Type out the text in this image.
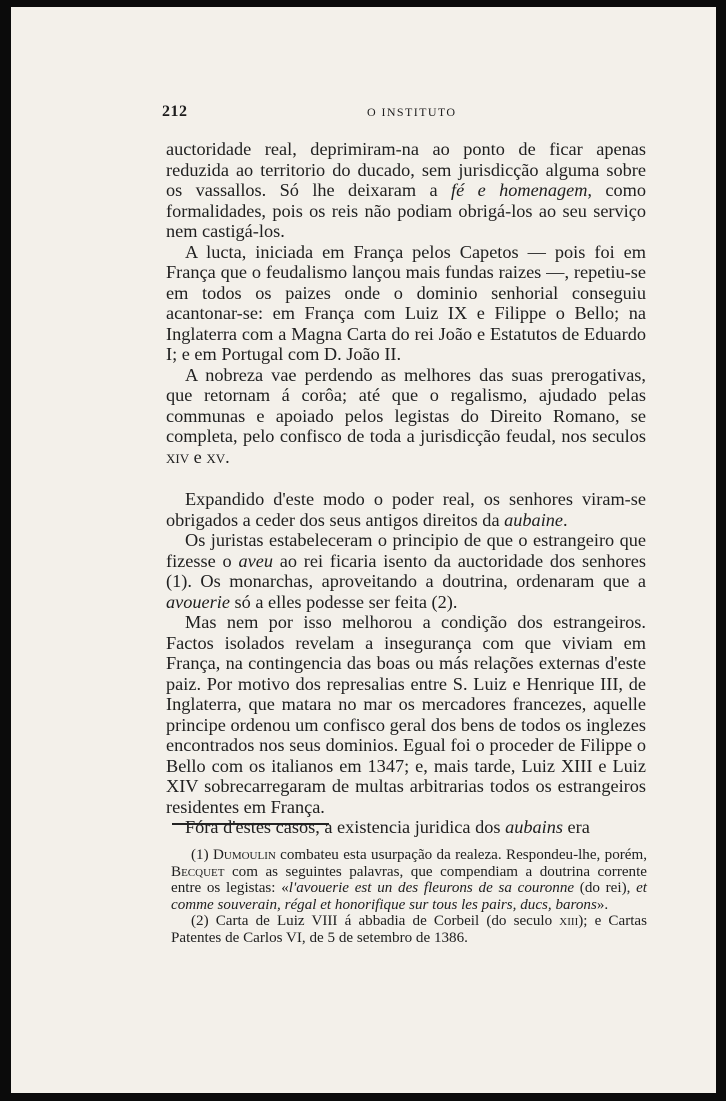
212	O INSTITUTO

auctoridade real, deprimiram-na ao ponto de ficar apenas reduzida ao territorio do ducado, sem jurisdicção alguma sobre os vassallos. Só lhe deixaram a fé e homenagem, como formalidades, pois os reis não podiam obrigá-los ao seu serviço nem castigá-los.

A lucta, iniciada em França pelos Capetos — pois foi em França que o feudalismo lançou mais fundas raizes —, repetiu-se em todos os paizes onde o dominio senhorial conseguiu acantonar-se: em França com Luiz IX e Filippe o Bello; na Inglaterra com a Magna Carta do rei João e Estatutos de Eduardo I; e em Portugal com D. João II.

A nobreza vae perdendo as melhores das suas prerogativas, que retornam á corôa; até que o regalismo, ajudado pelas communas e apoiado pelos legistas do Direito Romano, se completa, pelo confisco de toda a jurisdicção feudal, nos seculos xiv e xv.

Expandido d'este modo o poder real, os senhores viram-se obrigados a ceder dos seus antigos direitos da aubaine.

Os juristas estabeleceram o principio de que o estrangeiro que fizesse o aveu ao rei ficaria isento da auctoridade dos senhores (1). Os monarchas, aproveitando a doutrina, ordenaram que a avouerie só a elles podesse ser feita (2).

Mas nem por isso melhorou a condição dos estrangeiros. Factos isolados revelam a insegurança com que viviam em França, na contingencia das boas ou más relações externas d'este paiz. Por motivo dos represalias entre S. Luiz e Henrique III, de Inglaterra, que matara no mar os mercadores francezes, aquelle principe ordenou um confisco geral dos bens de todos os inglezes encontrados nos seus dominios. Egual foi o proceder de Filippe o Bello com os italianos em 1347; e, mais tarde, Luiz XIII e Luiz XIV sobrecarregaram de multas arbitrarias todos os estrangeiros residentes em França.

Fóra d'estes casos, a existencia juridica dos aubains era

(1) Dumoulin combateu esta usurpação da realeza. Respondeu-lhe, porém, Becquet com as seguintes palavras, que compendiam a doutrina corrente entre os legistas: «l'avouerie est un des fleurons de sa couronne (do rei), et comme souverain, régal et honorifique sur tous les pairs, ducs, barons».

(2) Carta de Luiz VIII á abbadia de Corbeil (do seculo xiii); e Cartas Patentes de Carlos VI, de 5 de setembro de 1386.
